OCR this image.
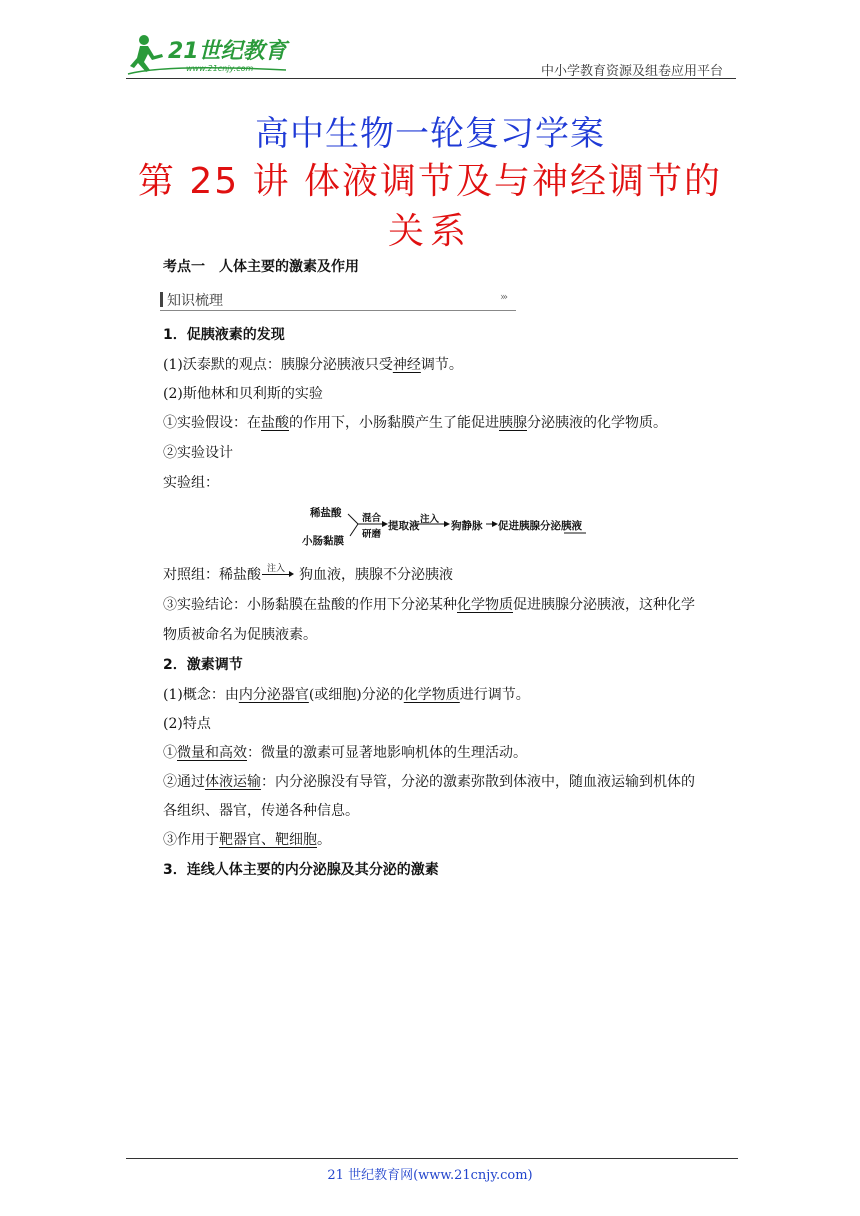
21世纪教育
www.21cnjy.com	中小学教育资源及组卷应用平台
高中生物一轮复习学案
第 25 讲 体液调节及与神经调节的
关系
考点一 人体主要的激素及作用
知识梳理	›››
1．促胰液素的发现
(1)沃泰默的观点：胰腺分泌胰液只受神经调节。
(2)斯他林和贝利斯的实验
①实验假设：在盐酸的作用下，小肠黏膜产生了能促进胰腺分泌胰液的化学物质。
②实验设计
实验组：
稀盐酸
小肠黏膜
混合
研磨
提取液
注入
狗静脉 促进胰腺分泌胰液
对照组：稀盐酸 注入 狗血液，胰腺不分泌胰液
③实验结论：小肠黏膜在盐酸的作用下分泌某种化学物质促进胰腺分泌胰液，这种化学
物质被命名为促胰液素。
2．激素调节
(1)概念：由内分泌器官(或细胞)分泌的化学物质进行调节。
(2)特点
①微量和高效：微量的激素可显著地影响机体的生理活动。
②通过体液运输：内分泌腺没有导管，分泌的激素弥散到体液中，随血液运输到机体的
各组织、器官，传递各种信息。
③作用于靶器官、靶细胞。
3．连线人体主要的内分泌腺及其分泌的激素
21 世纪教育网(www.21cnjy.com)
